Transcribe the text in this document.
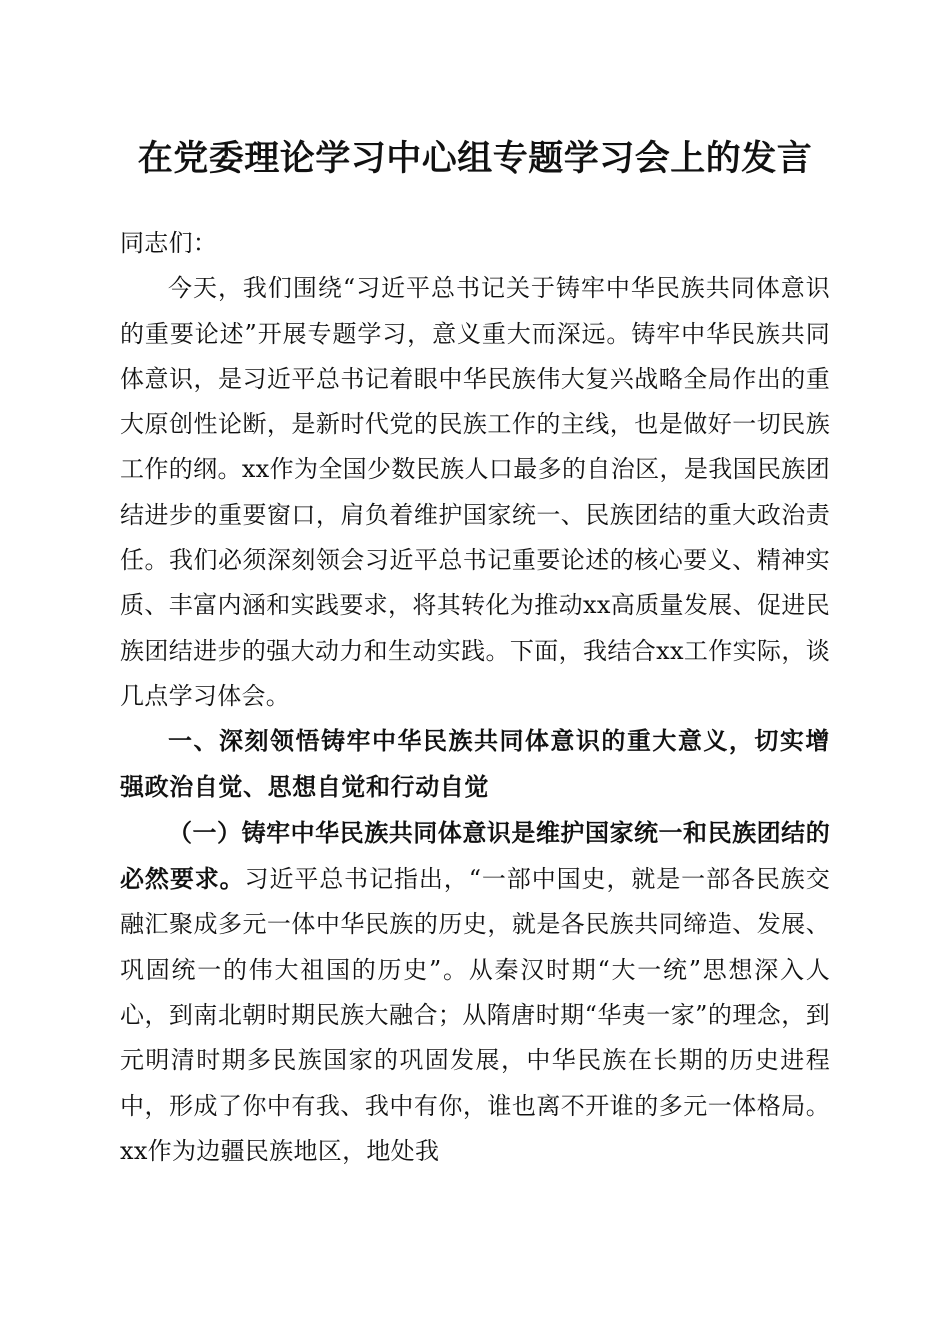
在党委理论学习中心组专题学习会上的发言

同志们：

今天，我们围绕“习近平总书记关于铸牢中华民族共同体意识的重要论述”开展专题学习，意义重大而深远。铸牢中华民族共同体意识，是习近平总书记着眼中华民族伟大复兴战略全局作出的重大原创性论断，是新时代党的民族工作的主线，也是做好一切民族工作的纲。xx作为全国少数民族人口最多的自治区，是我国民族团结进步的重要窗口，肩负着维护国家统一、民族团结的重大政治责任。我们必须深刻领会习近平总书记重要论述的核心要义、精神实质、丰富内涵和实践要求，将其转化为推动xx高质量发展、促进民族团结进步的强大动力和生动实践。下面，我结合xx工作实际，谈几点学习体会。

一、深刻领悟铸牢中华民族共同体意识的重大意义，切实增强政治自觉、思想自觉和行动自觉

（一）铸牢中华民族共同体意识是维护国家统一和民族团结的必然要求。习近平总书记指出，“一部中国史，就是一部各民族交融汇聚成多元一体中华民族的历史，就是各民族共同缔造、发展、巩固统一的伟大祖国的历史”。从秦汉时期“大一统”思想深入人心，到南北朝时期民族大融合；从隋唐时期“华夷一家”的理念，到元明清时期多民族国家的巩固发展，中华民族在长期的历史进程中，形成了你中有我、我中有你，谁也离不开谁的多元一体格局。xx作为边疆民族地区，地处我
